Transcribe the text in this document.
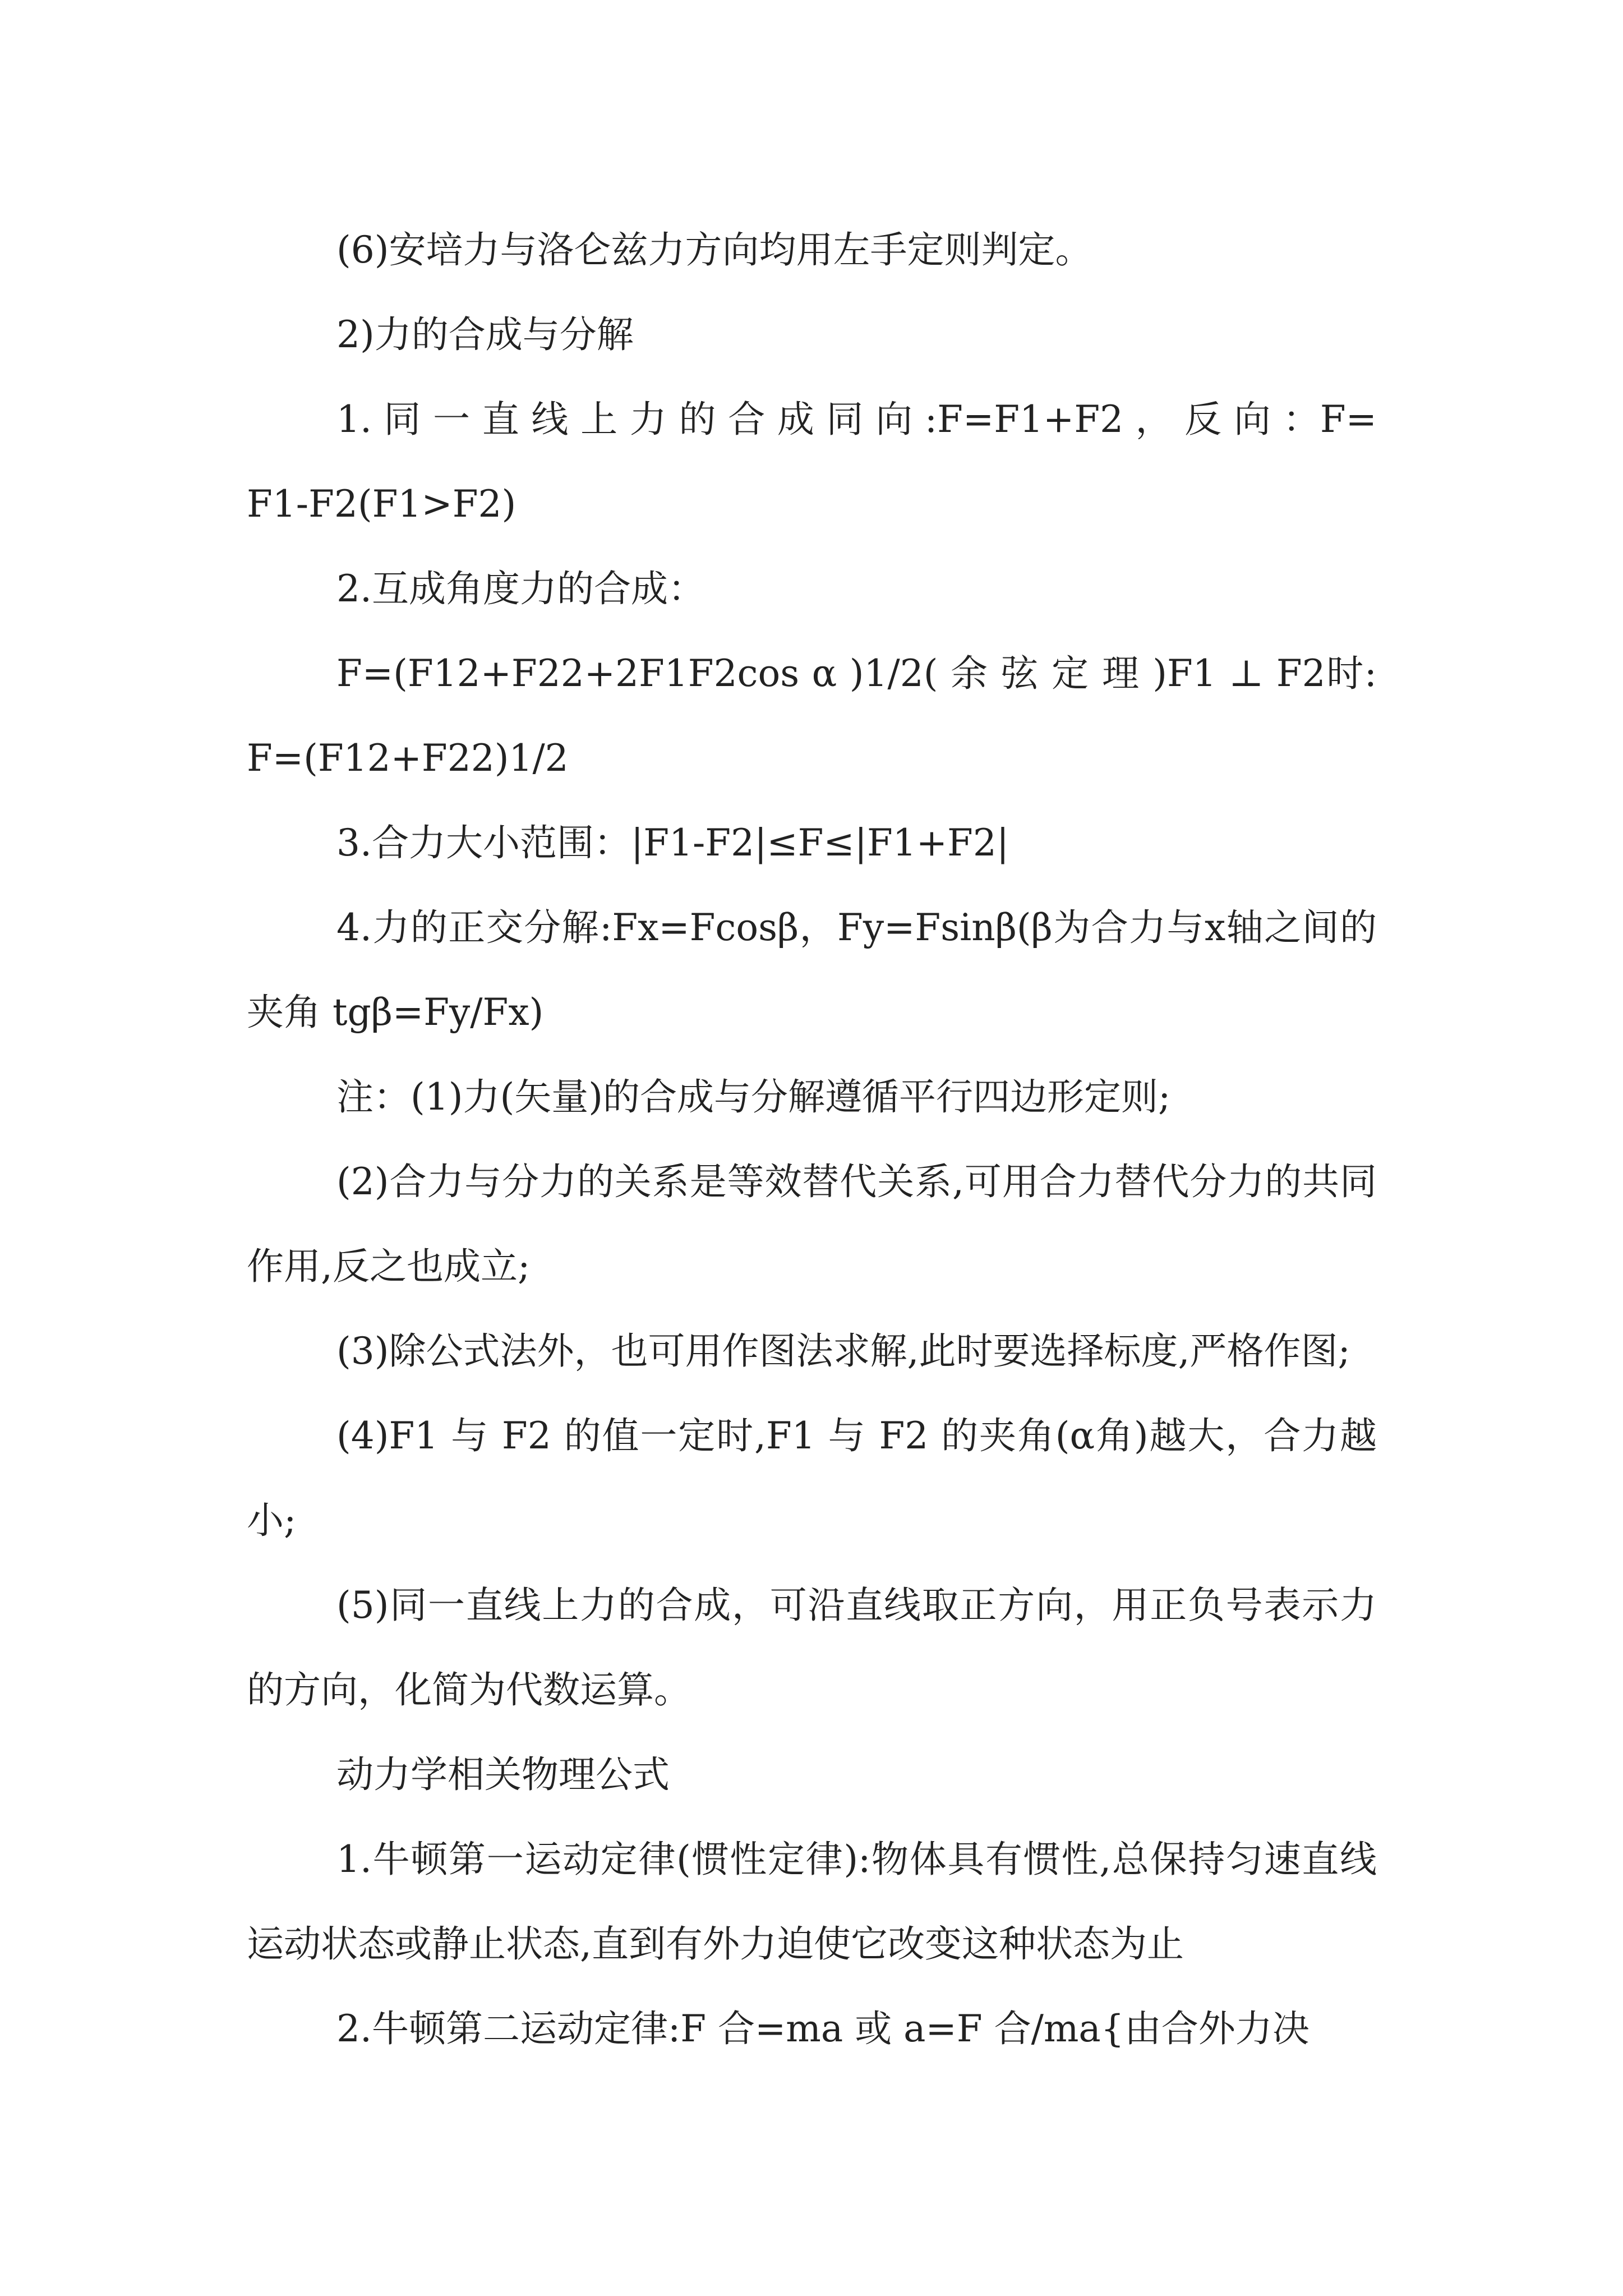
(6)安培力与洛仑兹力方向均用左手定则判定。

2)力的合成与分解

1. 同 一 直 线 上 力 的 合 成 同 向 :F=F1+F2 ， 反 向 ：F=F1-F2(F1>F2)

2.互成角度力的合成：

F=(F12+F22+2F1F2cos α )1/2( 余 弦 定 理 )F1 ⊥ F2时:F=(F12+F22)1/2

3.合力大小范围：|F1-F2|≤F≤|F1+F2|

4.力的正交分解:Fx=Fcosβ，Fy=Fsinβ(β为合力与x轴之间的夹角 tgβ=Fy/Fx)

注：(1)力(矢量)的合成与分解遵循平行四边形定则;

(2)合力与分力的关系是等效替代关系,可用合力替代分力的共同作用,反之也成立;

(3)除公式法外，也可用作图法求解,此时要选择标度,严格作图;

(4)F1 与 F2 的值一定时,F1 与 F2 的夹角(α角)越大，合力越小;

(5)同一直线上力的合成，可沿直线取正方向，用正负号表示力的方向，化简为代数运算。

动力学相关物理公式

1.牛顿第一运动定律(惯性定律):物体具有惯性,总保持匀速直线运动状态或静止状态,直到有外力迫使它改变这种状态为止

2.牛顿第二运动定律:F 合=ma 或 a=F 合/ma{由合外力决
